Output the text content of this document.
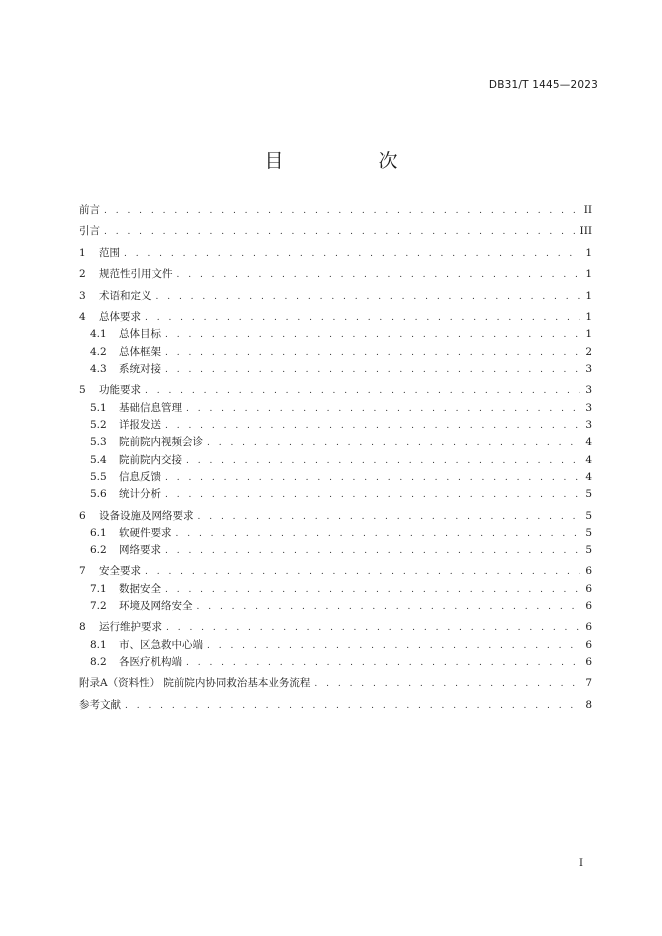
DB31/T 1445—2023
目　次
前言 . . .	II
引言 . . .	III
1 范围 . . .	1
2 规范性引用文件 . . .	1
3 术语和定义 . . .	1
4 总体要求 . . .	1
4.1 总体目标 . . .	1
4.2 总体框架 . . .	2
4.3 系统对接 . . .	3
5 功能要求 . . .	3
5.1 基础信息管理 . . .	3
5.2 详报发送 . . .	3
5.3 院前院内视频会诊 . . .	4
5.4 院前院内交接 . . .	4
5.5 信息反馈 . . .	4
5.6 统计分析 . . .	5
6 设备设施及网络要求 . . .	5
6.1 软硬件要求 . . .	5
6.2 网络要求 . . .	5
7 安全要求 . . .	6
7.1 数据安全 . . .	6
7.2 环境及网络安全 . . .	6
8 运行维护要求 . . .	6
8.1 市、区急救中心端 . . .	6
8.2 各医疗机构端 . . .	6
附录A（资料性） 院前院内协同救治基本业务流程 . . .	7
参考文献 . . .	8
I
